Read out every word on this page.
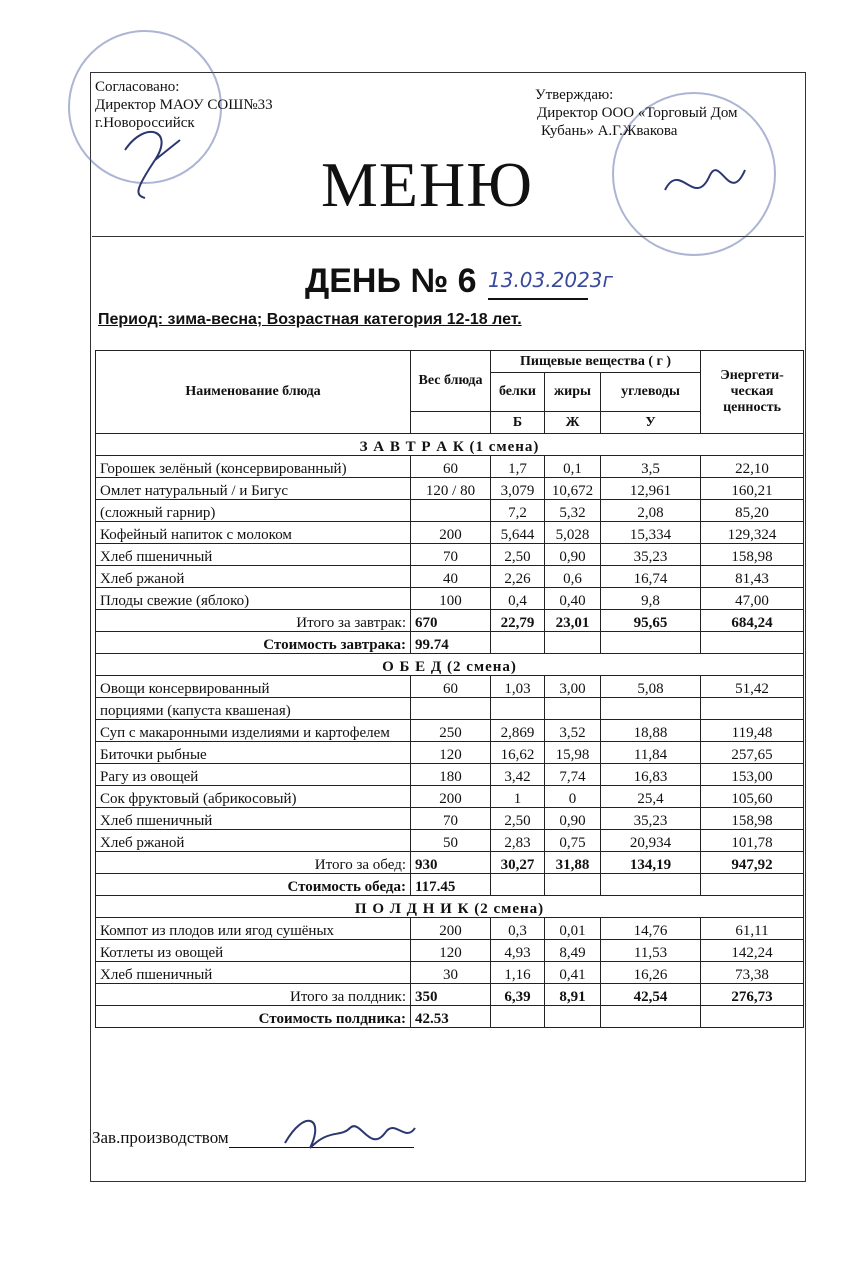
Согласовано:
Директор МАОУ СОШ№33
г.Новороссийск
Утверждаю:
Директор ООО «Торговый Дом
Кубань» А.Г.Жвакова
МЕНЮ
ДЕНЬ № 6 13.03.2023г
Период: зима-весна; Возрастная категория 12-18 лет.
Наименование блюда	Вес блюда	Пищевые вещества ( г )			Энергети-ческая ценность
		белки	жиры	углеводы	
		Б	Ж	У	
З А В Т Р А К (1 смена)					
Горошек зелёный (консервированный)	60	1,7	0,1	3,5	22,10
Омлет натуральный / и Бигус	120 / 80	3,079	10,672	12,961	160,21
(сложный гарнир)		7,2	5,32	2,08	85,20
Кофейный напиток с молоком	200	5,644	5,028	15,334	129,324
Хлеб пшеничный	70	2,50	0,90	35,23	158,98
Хлеб ржаной	40	2,26	0,6	16,74	81,43
Плоды свежие (яблоко)	100	0,4	0,40	9,8	47,00
Итого за завтрак:	670	22,79	23,01	95,65	684,24
Стоимость завтрака:	99.74				
О Б Е Д (2 смена)					
Овощи консервированный	60	1,03	3,00	5,08	51,42
порциями (капуста квашеная)					
Суп с макаронными изделиями и картофелем	250	2,869	3,52	18,88	119,48
Биточки рыбные	120	16,62	15,98	11,84	257,65
Рагу из овощей	180	3,42	7,74	16,83	153,00
Сок фруктовый (абрикосовый)	200	1	0	25,4	105,60
Хлеб пшеничный	70	2,50	0,90	35,23	158,98
Хлеб ржаной	50	2,83	0,75	20,934	101,78
Итого за обед:	930	30,27	31,88	134,19	947,92
Стоимость обеда:	117.45				
П О Л Д Н И К (2 смена)					
Компот из плодов или ягод сушёных	200	0,3	0,01	14,76	61,11
Котлеты из овощей	120	4,93	8,49	11,53	142,24
Хлеб пшеничный	30	1,16	0,41	16,26	73,38
Итого за полдник:	350	6,39	8,91	42,54	276,73
Стоимость полдника:	42.53				
Зав.производством
